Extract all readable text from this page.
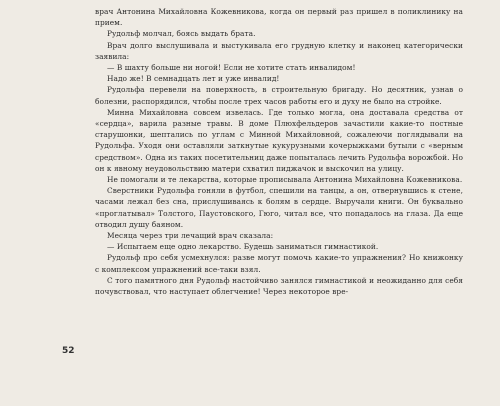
врач Антонина Михайловна Кожевникова, когда он первый раз пришел в поликлинику на прием.

Рудольф молчал, боясь выдать брата.

Врач долго выслушивала и выстукивала его грудную клетку и наконец категорически заявила:

— В шахту больше ни ногой! Если не хотите стать инвалидом!

Надо же! В семнадцать лет и уже инвалид!

Рудольфа перевели на поверхность, в строительную бригаду. Но десятник, узнав о болезни, распорядился, чтобы после трех часов работы его и духу не было на стройке.

Минна Михайловна совсем извелась. Где только могла, она доставала средства от «сердца», варила разные травы. В доме Плюхфельдеров зачастили какие-то постные старушонки, шептались по углам с Минной Михайловной, сожалеючи поглядывали на Рудольфа. Уходя они оставляли заткнутые кукурузными кочерыжками бутыли с «верным средством». Одна из таких посетительниц даже попыталась лечить Рудольфа ворожбой. Но он к явному неудовольствию матери схватил пиджачок и выскочил на улицу.

Не помогали и те лекарства, которые прописывала Антонина Михайловна Кожевникова.

Сверстники Рудольфа гоняли в футбол, спешили на танцы, а он, отвернувшись к стене, часами лежал без сна, прислушиваясь к болям в сердце. Выручали книги. Он буквально «проглатывал» Толстого, Паустовского, Гюго, читал все, что попадалось на глаза. Да еще отводил душу баяном.

Месяца через три лечащий врач сказала:

— Испытаем еще одно лекарство. Будешь заниматься гимнастикой.

Рудольф про себя усмехнулся: разве могут помочь какие-то упражнения? Но книжонку с комплексом упражнений все-таки взял.

С того памятного дня Рудольф настойчиво занялся гимнастикой и неожиданно для себя почувствовал, что наступает облегчение! Через некоторое вре-

52
